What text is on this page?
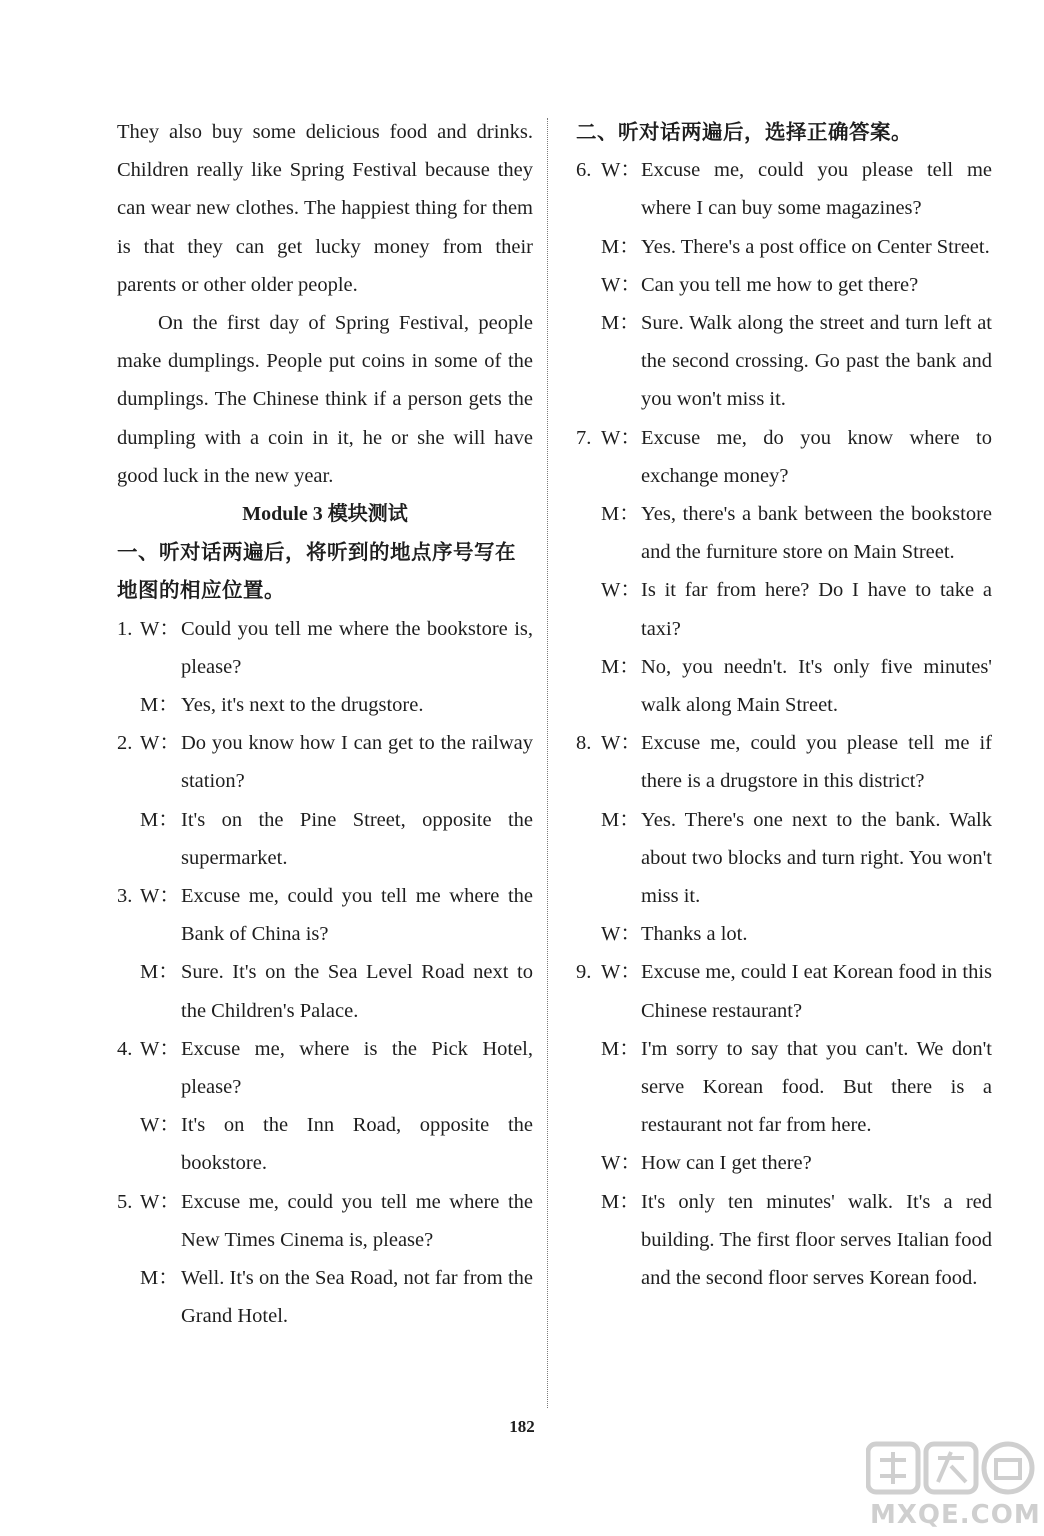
They also buy some delicious food and drinks. Children really like Spring Festival because they can wear new clothes. The happiest thing for them is that they can get lucky money from their parents or other older people.

On the first day of Spring Festival, people make dumplings. People put coins in some of the dumplings. The Chinese think if a person gets the dumpling with a coin in it, he or she will have good luck in the new year.

Module 3 模块测试

一、听对话两遍后，将听到的地点序号写在地图的相应位置。

1. W： Could you tell me where the bookstore is, please?
M： Yes, it's next to the drugstore.
2. W： Do you know how I can get to the railway station?
M： It's on the Pine Street, opposite the supermarket.
3. W： Excuse me, could you tell me where the Bank of China is?
M： Sure. It's on the Sea Level Road next to the Children's Palace.
4. W： Excuse me, where is the Pick Hotel, please?
W： It's on the Inn Road, opposite the bookstore.
5. W： Excuse me, could you tell me where the New Times Cinema is, please?
M： Well. It's on the Sea Road, not far from the Grand Hotel.

二、听对话两遍后，选择正确答案。

6. W： Excuse me, could you please tell me where I can buy some magazines?
M： Yes. There's a post office on Center Street.
W： Can you tell me how to get there?
M： Sure. Walk along the street and turn left at the second crossing. Go past the bank and you won't miss it.
7. W： Excuse me, do you know where to exchange money?
M： Yes, there's a bank between the bookstore and the furniture store on Main Street.
W： Is it far from here? Do I have to take a taxi?
M： No, you needn't. It's only five minutes' walk along Main Street.
8. W： Excuse me, could you please tell me if there is a drugstore in this district?
M： Yes. There's one next to the bank. Walk about two blocks and turn right. You won't miss it.
W： Thanks a lot.
9. W： Excuse me, could I eat Korean food in this Chinese restaurant?
M： I'm sorry to say that you can't. We don't serve Korean food. But there is a restaurant not far from here.
W： How can I get there?
M： It's only ten minutes' walk. It's a red building. The first floor serves Italian food and the second floor serves Korean food.
182
MXQE.COM
